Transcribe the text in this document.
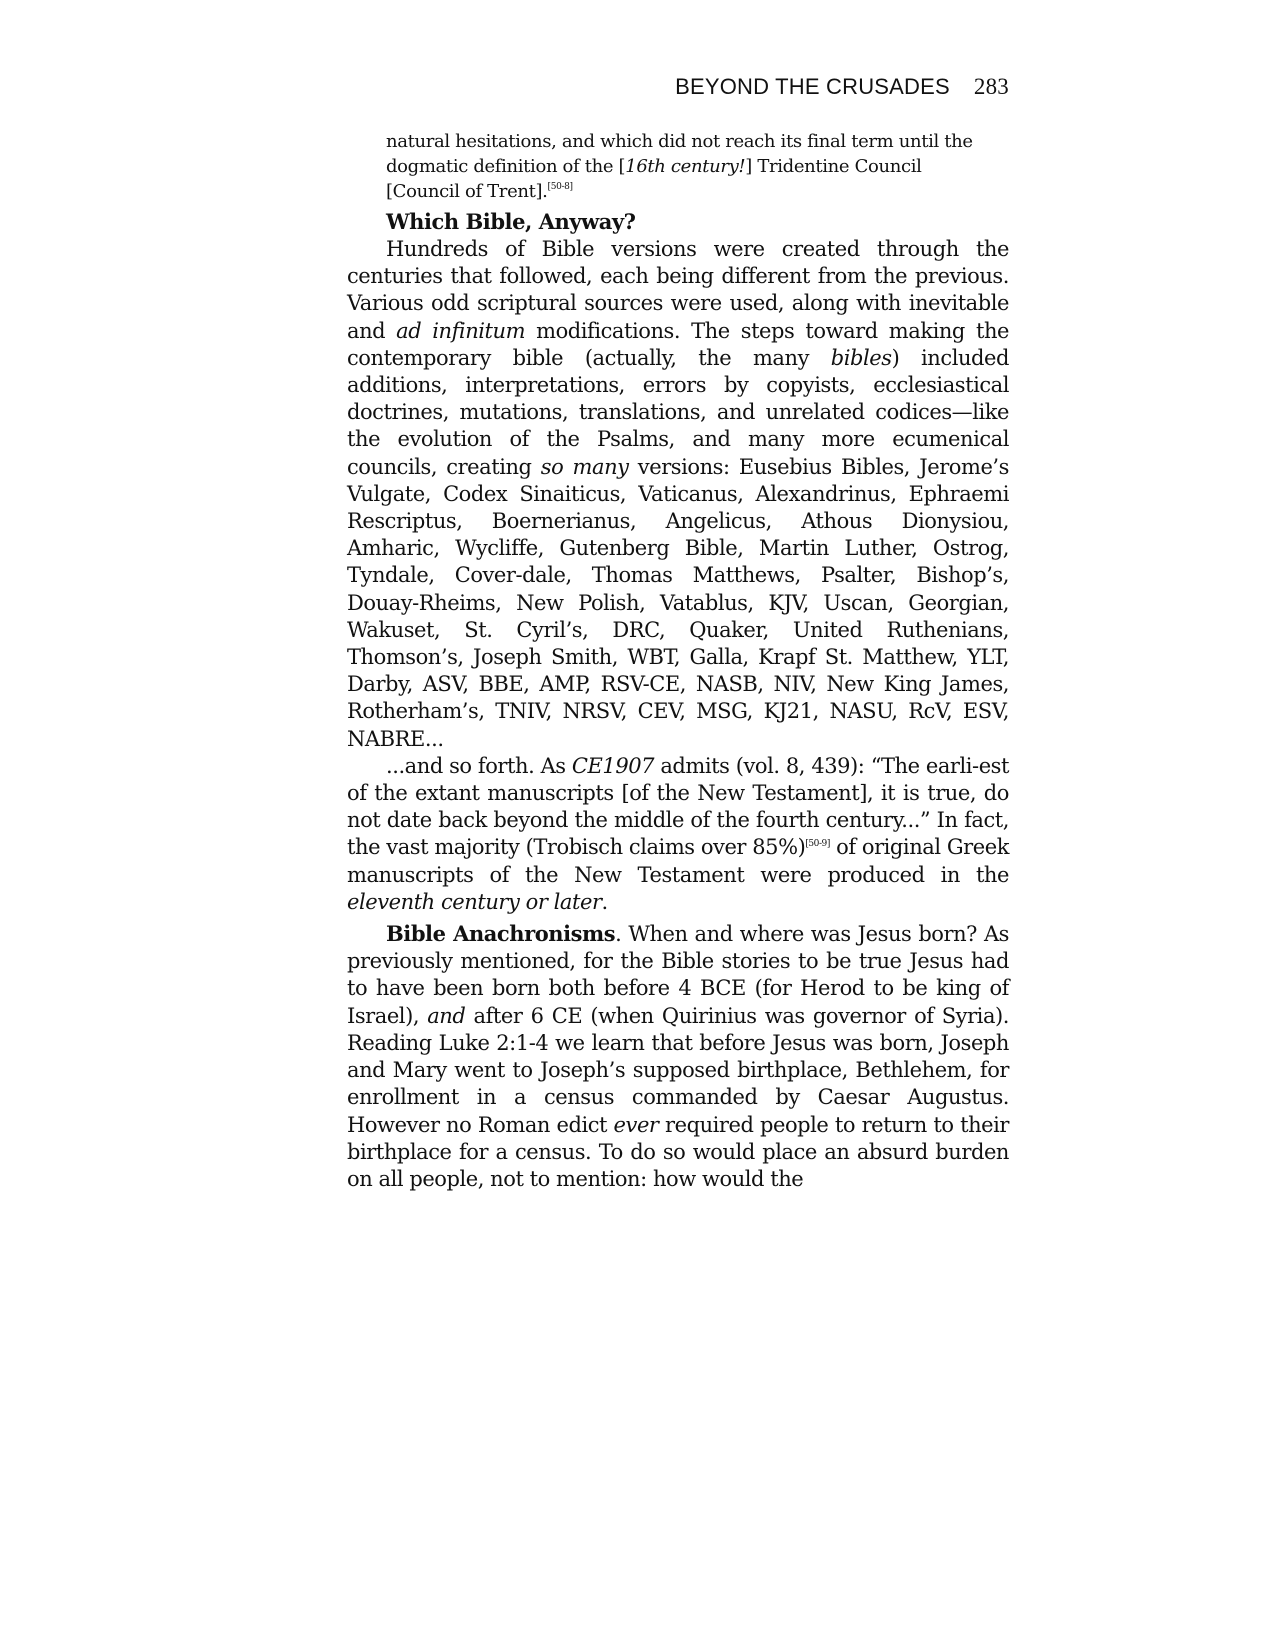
BEYOND THE CRUSADES 283
natural hesitations, and which did not reach its final term until the dogmatic definition of the [16th century!] Tridentine Council [Council of Trent].[50-8]
Which Bible, Anyway?

Hundreds of Bible versions were created through the centuries that followed, each being different from the previous. Various odd scriptural sources were used, along with inevitable and ad infinitum modifications. The steps toward making the contemporary bible (actually, the many bibles) included additions, interpretations, errors by copyists, ecclesiastical doctrines, mutations, translations, and unrelated codices—like the evolution of the Psalms, and many more ecumenical councils, creating so many versions: Eusebius Bibles, Jerome’s Vulgate, Codex Sinaiticus, Vaticanus, Alexandrinus, Ephraemi Rescriptus, Boernerianus, Angelicus, Athous Dionysiou, Amharic, Wycliffe, Gutenberg Bible, Martin Luther, Ostrog, Tyndale, Cover-dale, Thomas Matthews, Psalter, Bishop’s, Douay-Rheims, New Polish, Vatablus, KJV, Uscan, Georgian, Wakuset, St. Cyril’s, DRC, Quaker, United Ruthenians, Thomson’s, Joseph Smith, WBT, Galla, Krapf St. Matthew, YLT, Darby, ASV, BBE, AMP, RSV-CE, NASB, NIV, New King James, Rotherham’s, TNIV, NRSV, CEV, MSG, KJ21, NASU, RcV, ESV, NABRE...

...and so forth. As CE1907 admits (vol. 8, 439): “The earli-est of the extant manuscripts [of the New Testament], it is true, do not date back beyond the middle of the fourth century...” In fact, the vast majority (Trobisch claims over 85%)[50-9] of original Greek manuscripts of the New Testament were produced in the eleventh century or later.

Bible Anachronisms. When and where was Jesus born? As previously mentioned, for the Bible stories to be true Jesus had to have been born both before 4 BCE (for Herod to be king of Israel), and after 6 CE (when Quirinius was governor of Syria). Reading Luke 2:1-4 we learn that before Jesus was born, Joseph and Mary went to Joseph’s supposed birthplace, Bethlehem, for enrollment in a census commanded by Caesar Augustus. However no Roman edict ever required people to return to their birthplace for a census. To do so would place an absurd burden on all people, not to mention: how would the
